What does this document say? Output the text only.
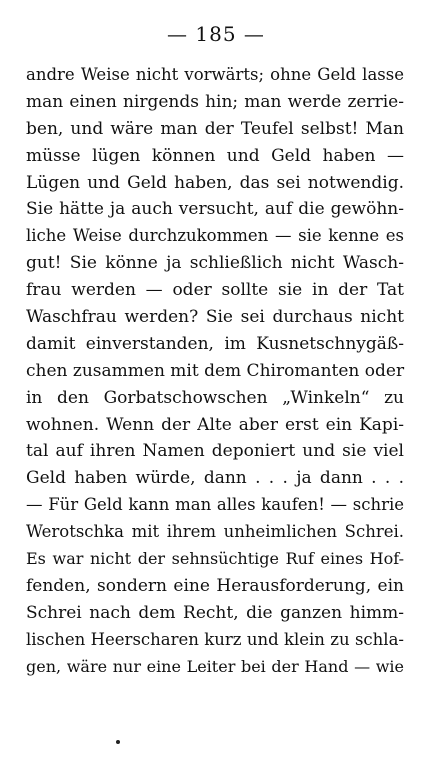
— 185 —
andre Weise nicht vorwärts; ohne Geld lasse
man einen nirgends hin; man werde zerrie-
ben, und wäre man der Teufel selbst! Man
müsse lügen können und Geld haben —
Lügen und Geld haben, das sei notwendig.
Sie hätte ja auch versucht, auf die gewöhn-
liche Weise durchzukommen — sie kenne es
gut! Sie könne ja schließlich nicht Wasch-
frau werden — oder sollte sie in der Tat
Waschfrau werden? Sie sei durchaus nicht
damit einverstanden, im Kusnetschnygäß-
chen zusammen mit dem Chiromanten oder
in den Gorbatschowschen „Winkeln“ zu
wohnen. Wenn der Alte aber erst ein Kapi-
tal auf ihren Namen deponiert und sie viel
Geld haben würde, dann . . . ja dann . . .
— Für Geld kann man alles kaufen! — schrie
Werotschka mit ihrem unheimlichen Schrei.
Es war nicht der sehnsüchtige Ruf eines Hof-
fenden, sondern eine Herausforderung, ein
Schrei nach dem Recht, die ganzen himm-
lischen Heerscharen kurz und klein zu schla-
gen, wäre nur eine Leiter bei der Hand — wie
